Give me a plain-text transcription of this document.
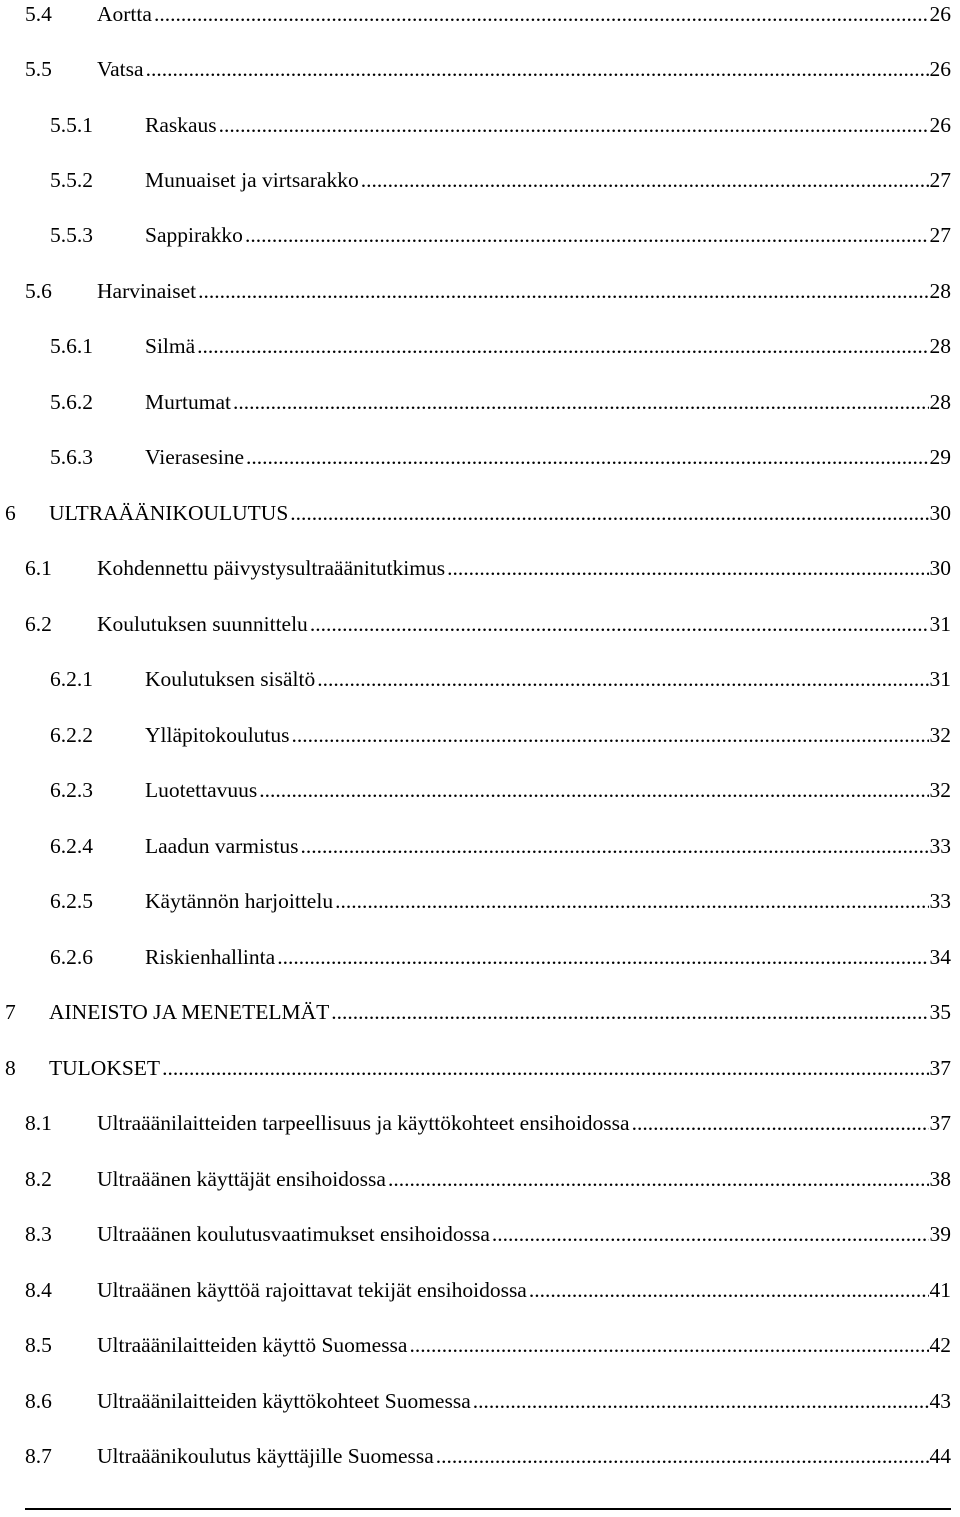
5.4	Aortta .....	26
5.5	Vatsa .....	26
5.5.1	Raskaus .....	26
5.5.2	Munuaiset ja virtsarakko .....	27
5.5.3	Sappirakko .....	27
5.6	Harvinaiset .....	28
5.6.1	Silmä .....	28
5.6.2	Murtumat .....	28
5.6.3	Vierasesine .....	29
6	ULTRAÄÄNIKOULUTUS .....	30
6.1	Kohdennettu päivystysultraäänitutkimus .....	30
6.2	Koulutuksen suunnittelu .....	31
6.2.1	Koulutuksen sisältö .....	31
6.2.2	Ylläpitokoulutus .....	32
6.2.3	Luotettavuus .....	32
6.2.4	Laadun varmistus .....	33
6.2.5	Käytännön harjoittelu .....	33
6.2.6	Riskienhallinta .....	34
7	AINEISTO JA MENETELMÄT .....	35
8	TULOKSET .....	37
8.1	Ultraäänilaitteiden tarpeellisuus ja käyttökohteet ensihoidossa .....	37
8.2	Ultraäänen käyttäjät ensihoidossa .....	38
8.3	Ultraäänen koulutusvaatimukset ensihoidossa .....	39
8.4	Ultraäänen käyttöä rajoittavat tekijät ensihoidossa .....	41
8.5	Ultraäänilaitteiden käyttö Suomessa .....	42
8.6	Ultraäänilaitteiden käyttökohteet Suomessa .....	43
8.7	Ultraäänikoulutus käyttäjille Suomessa .....	44
